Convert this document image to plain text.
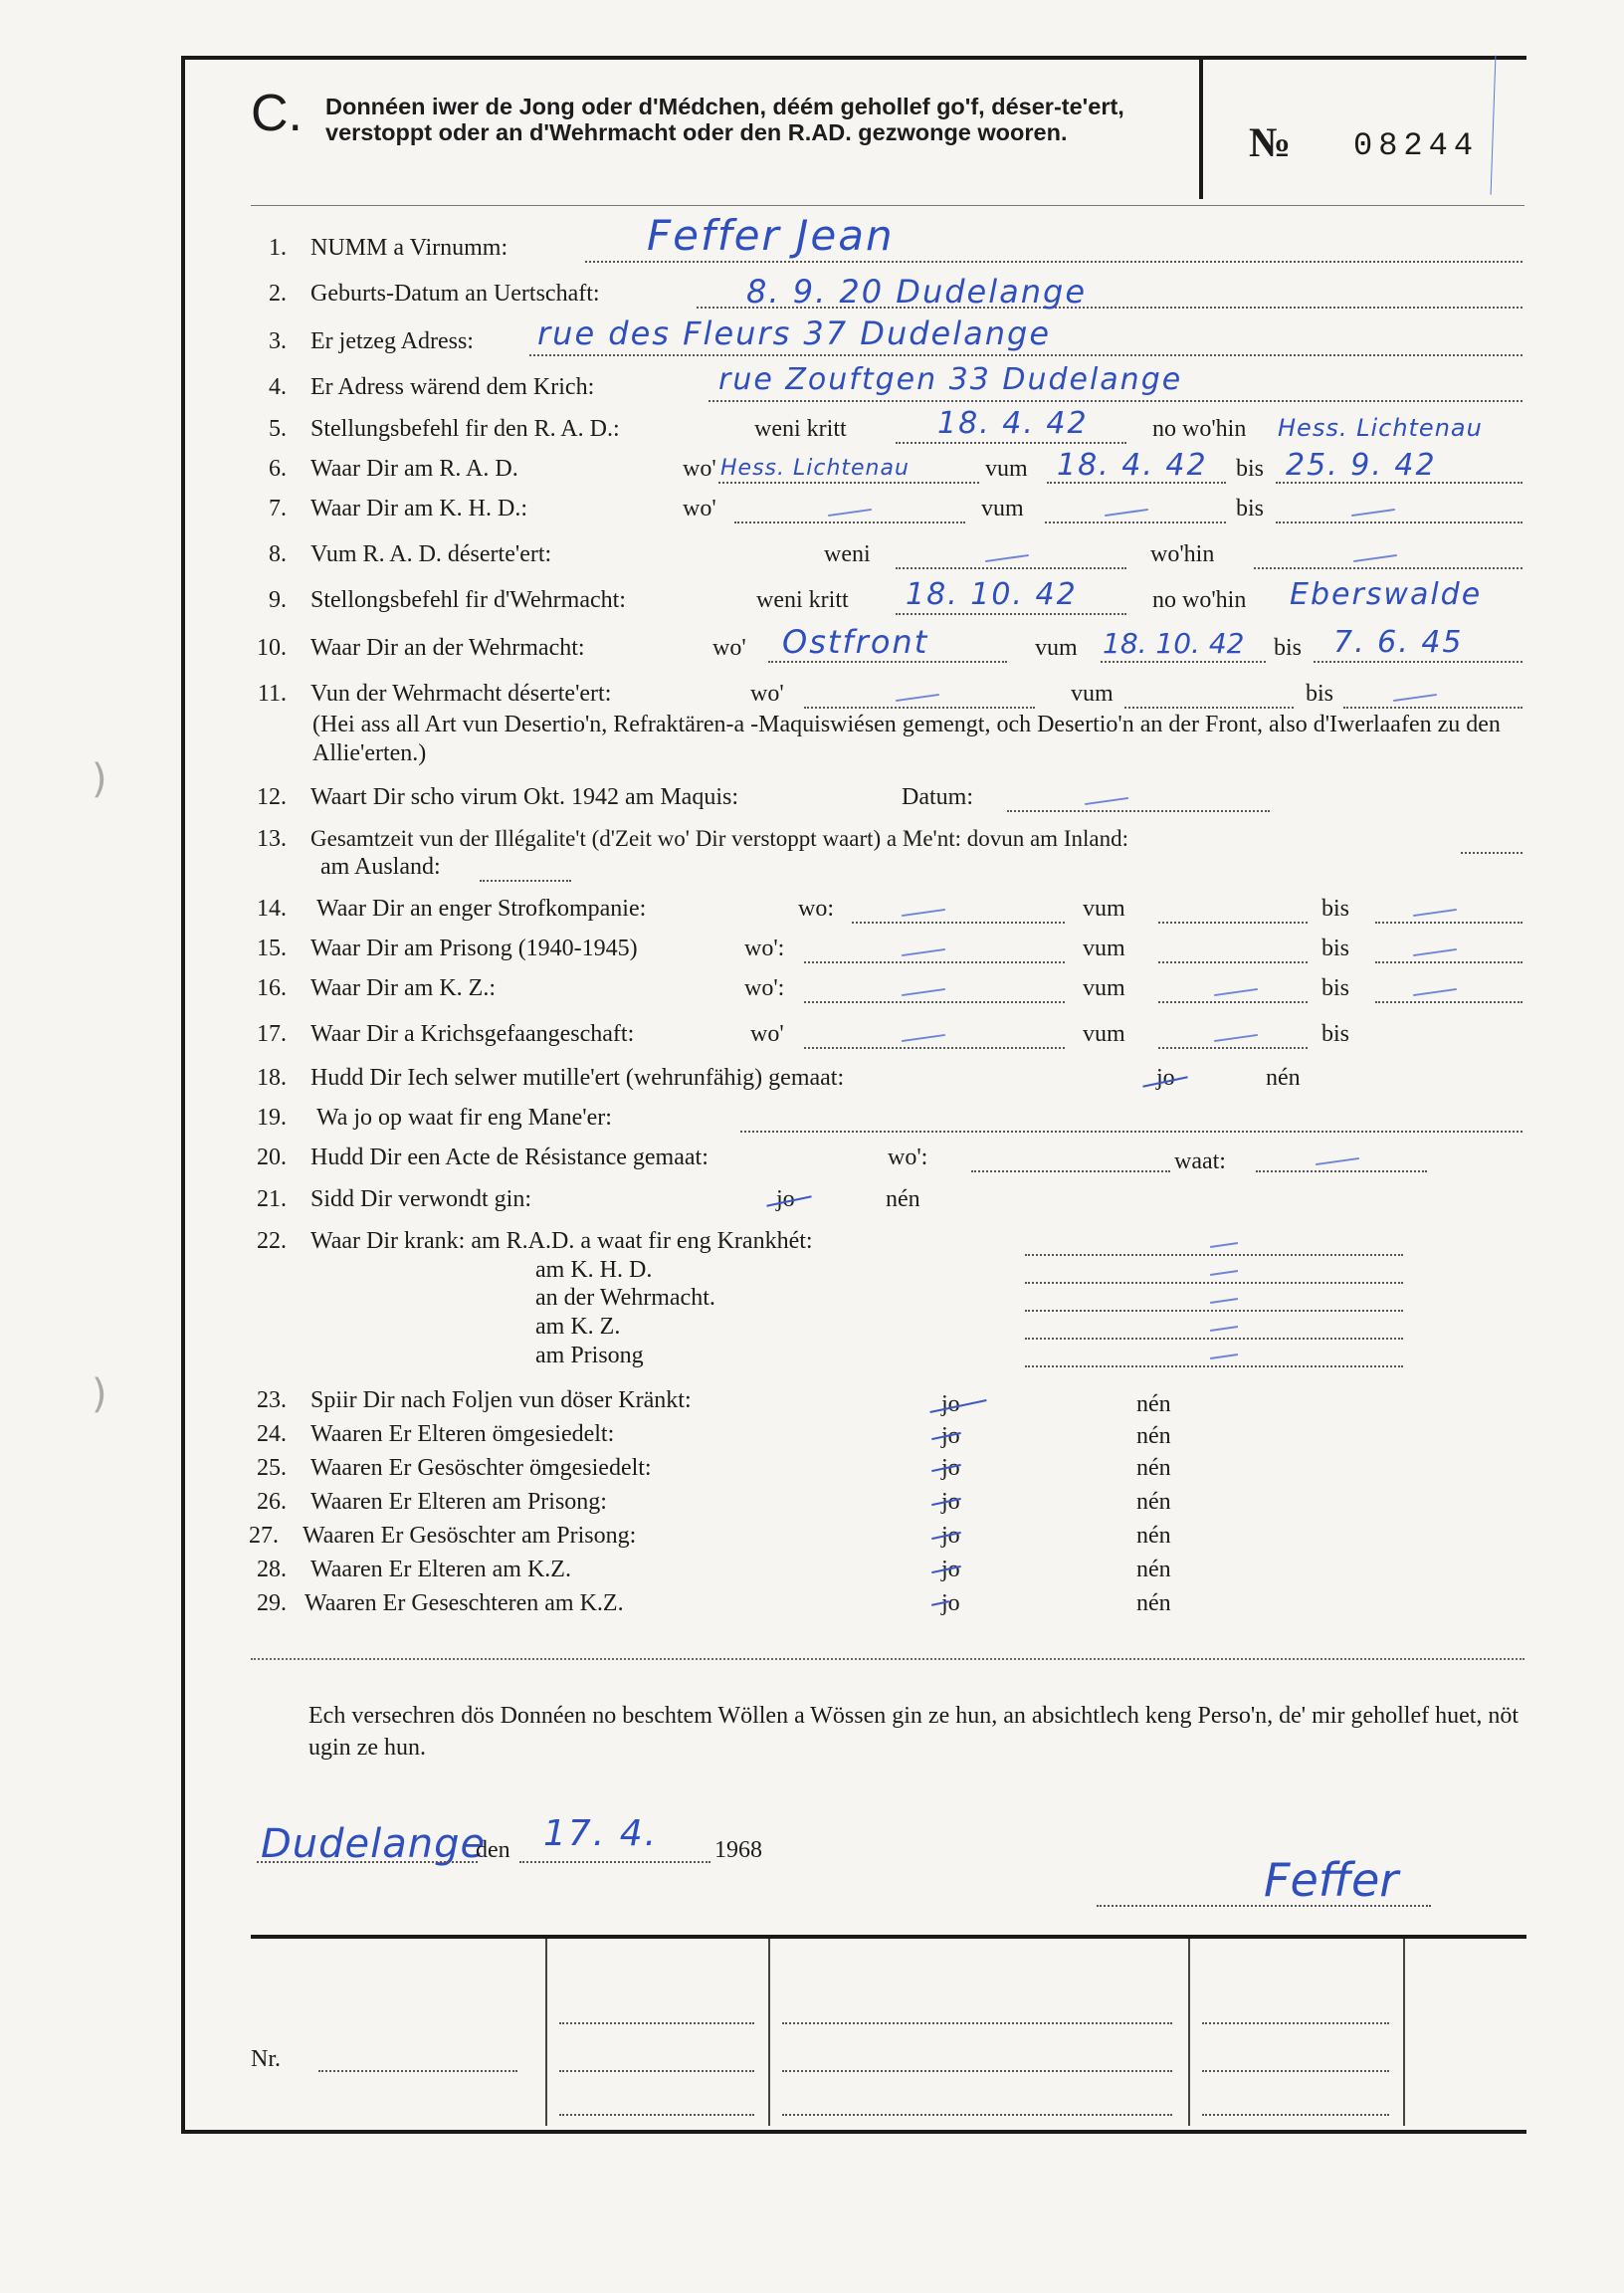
)
)
C. Donnéen iwer de Jong oder d'Médchen, déém gehollef go'f, déser-te'ert, verstoppt oder an d'Wehrmacht oder den R.AD. gezwonge wooren.	№ 08244
1. NUMM a Virnumm:	Feffer Jean
2. Geburts-Datum an Uertschaft:	8. 9. 20 Dudelange
3. Er jetzeg Adress: rue des Fleurs 37 Dudelange
4. Er Adress wärend dem Krich:	rue Zouftgen 33 Dudelange
5. Stellungsbefehl fir den R. A. D.:	weni kritt	18. 4. 42	no wo'hin Hess. Lichtenau
6. Waar Dir am R. A. D.	wo' Hess. Lichtenau	vum 18. 4. 42 bis 25. 9. 42
7. Waar Dir am K. H. D.:	wo'	vum	bis
8. Vum R. A. D. déserte'ert:	weni	wo'hin
9. Stellongsbefehl fir d'Wehrmacht:	weni kritt 18. 10. 42	no wo'hin Eberswalde
10. Waar Dir an der Wehrmacht:	wo' Ostfront	vum 18. 10. 42 bis 7. 6. 45
11. Vun der Wehrmacht déserte'ert:	wo'	vum	bis
(Hei ass all Art vun Desertio'n, Refraktären-a -Maquiswiésen gemengt, och Desertio'n an der Front, also d'Iwerlaafen zu den Allie'erten.)
12. Waart Dir scho virum Okt. 1942 am Maquis:	Datum:
13. Gesamtzeit vun der Illégalite't (d'Zeit wo' Dir verstoppt waart) a Me'nt: dovun am Inland:
am Ausland:
14. Waar Dir an enger Strofkompanie:	wo:	vum	bis
15. Waar Dir am Prisong (1940-1945)	wo':	vum	bis
16. Waar Dir am K. Z.:	wo':	vum	bis
17. Waar Dir a Krichsgefaangeschaft:	wo'	vum	bis
18. Hudd Dir Iech selwer mutille'ert (wehrunfähig) gemaat:	jo	nén
19. Wa jo op waat fir eng Mane'er:
20. Hudd Dir een Acte de Résistance gemaat:	wo':	waat:
21. Sidd Dir verwondt gin:	jo	nén
22. Waar Dir krank: am R.A.D. a waat fir eng Krankhét:
am K. H. D.
an der Wehrmacht.
am K. Z.
am Prisong
23. Spiir Dir nach Foljen vun döser Kränkt:	jo	nén
24. Waaren Er Elteren ömgesiedelt:	jo	nén
25. Waaren Er Gesöschter ömgesiedelt:	jo	nén
26. Waaren Er Elteren am Prisong:	jo	nén
27. Waaren Er Gesöschter am Prisong:	jo	nén
28. Waaren Er Elteren am K.Z.	jo	nén
29. Waaren Er Geseschteren am K.Z.	jo	nén
Ech versechren dös Donnéen no beschtem Wöllen a Wössen gin ze hun, an absichtlech keng Perso'n, de' mir gehollef huet, nöt ugin ze hun.
Dudelange
den 17. 4. 1968
Feffer
Nr.
